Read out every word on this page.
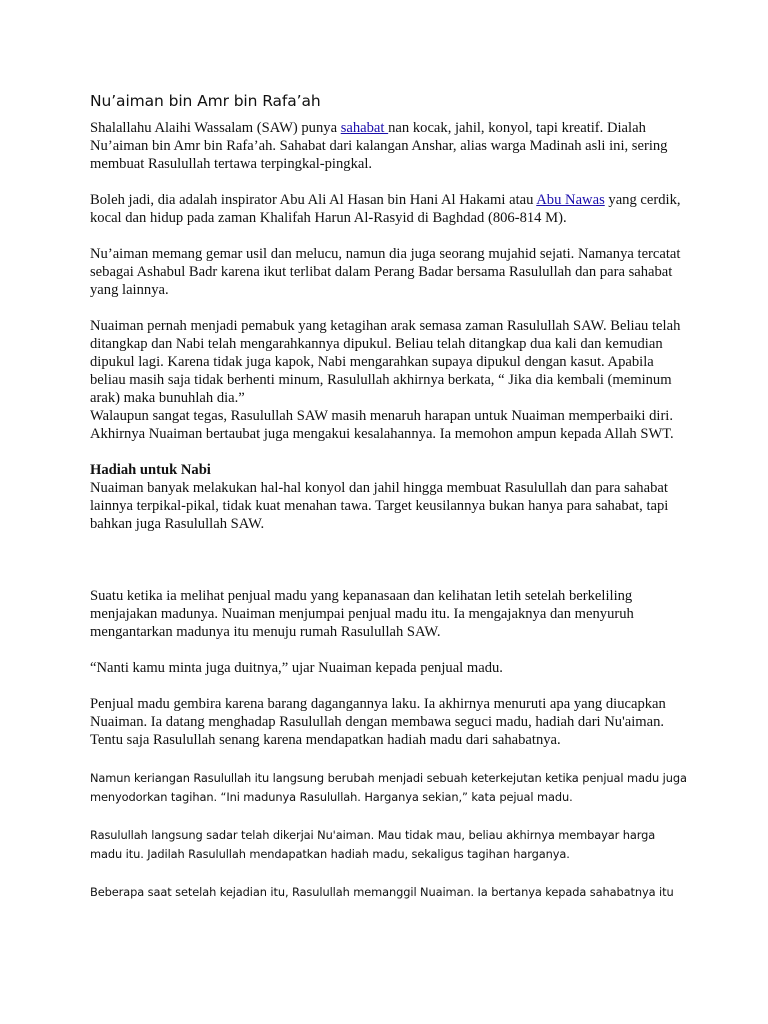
Nu’aiman bin Amr bin Rafa’ah

Shalallahu Alaihi Wassalam (SAW) punya sahabat nan kocak, jahil, konyol, tapi kreatif. Dialah Nu’aiman bin Amr bin Rafa’ah. Sahabat dari kalangan Anshar, alias warga Madinah asli ini, sering membuat Rasulullah tertawa terpingkal-pingkal.

Boleh jadi, dia adalah inspirator Abu Ali Al Hasan bin Hani Al Hakami atau Abu Nawas yang cerdik, kocal dan hidup pada zaman Khalifah Harun Al-Rasyid di Baghdad (806-814 M).

Nu’aiman memang gemar usil dan melucu, namun dia juga seorang mujahid sejati. Namanya tercatat sebagai Ashabul Badr karena ikut terlibat dalam Perang Badar bersama Rasulullah dan para sahabat yang lainnya.

Nuaiman pernah menjadi pemabuk yang ketagihan arak semasa zaman Rasulullah SAW. Beliau telah ditangkap dan Nabi telah mengarahkannya dipukul. Beliau telah ditangkap dua kali dan kemudian dipukul lagi. Karena tidak juga kapok, Nabi mengarahkan supaya dipukul dengan kasut. Apabila beliau masih saja tidak berhenti minum, Rasulullah akhirnya berkata, “ Jika dia kembali (meminum arak) maka bunuhlah dia.”

Walaupun sangat tegas, Rasulullah SAW masih menaruh harapan untuk Nuaiman memperbaiki diri. Akhirnya Nuaiman bertaubat juga mengakui kesalahannya. Ia memohon ampun kepada Allah SWT.

Hadiah untuk Nabi

Nuaiman banyak melakukan hal-hal konyol dan jahil hingga membuat Rasulullah dan para sahabat lainnya terpikal-pikal, tidak kuat menahan tawa. Target keusilannya bukan hanya para sahabat, tapi bahkan juga Rasulullah SAW.

Suatu ketika ia melihat penjual madu yang kepanasaan dan kelihatan letih setelah berkeliling menjajakan madunya. Nuaiman menjumpai penjual madu itu. Ia mengajaknya dan menyuruh mengantarkan madunya itu menuju rumah Rasulullah SAW.

“Nanti kamu minta juga duitnya,” ujar Nuaiman kepada penjual madu.

Penjual madu gembira karena barang dagangannya laku. Ia akhirnya menuruti apa yang diucapkan Nuaiman. Ia datang menghadap Rasulullah dengan membawa seguci madu, hadiah dari Nu'aiman. Tentu saja Rasulullah senang karena mendapatkan hadiah madu dari sahabatnya.

Namun keriangan Rasulullah itu langsung berubah menjadi sebuah keterkejutan ketika penjual madu juga menyodorkan tagihan. “Ini madunya Rasulullah. Harganya sekian,” kata pejual madu.

Rasulullah langsung sadar telah dikerjai Nu'aiman. Mau tidak mau, beliau akhirnya membayar harga madu itu. Jadilah Rasulullah mendapatkan hadiah madu, sekaligus tagihan harganya.

Beberapa saat setelah kejadian itu, Rasulullah memanggil Nuaiman. Ia bertanya kepada sahabatnya itu
